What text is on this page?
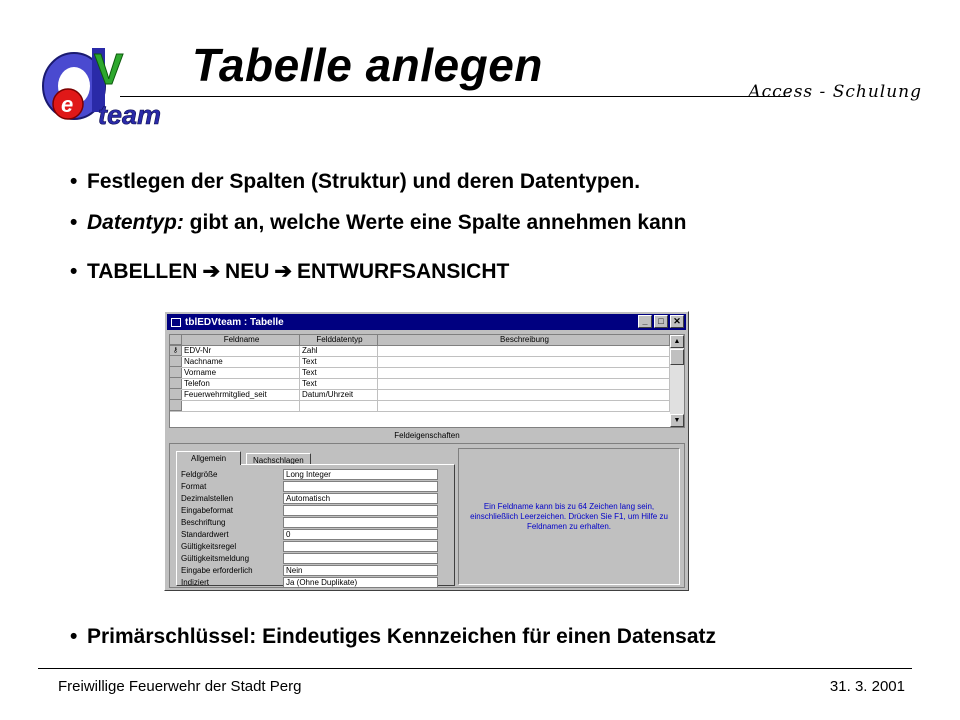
e
V
team
Tabelle anlegen
Access - Schulung
• Festlegen der Spalten (Struktur) und deren Datentypen.
• Datentyp: gibt an, welche Werte eine Spalte annehmen kann
• TABELLEN ➔ NEU ➔ ENTWURFSANSICHT
tblEDVteam : Tabelle	_	□	✕
Feldname	Felddatentyp	Beschreibung
⚷ EDV-Nr	Zahl
Nachname	Text
Vorname	Text
Telefon	Text
Feuerwehrmitglied_seit	Datum/Uhrzeit
▲
▼
Feldeigenschaften
Allgemein	Nachschlagen
Feldgröße	Long Integer
Format
Dezimalstellen	Automatisch
Eingabeformat
Beschriftung
Standardwert	0
Gültigkeitsregel
Gültigkeitsmeldung
Eingabe erforderlich	Nein
Indiziert	Ja (Ohne Duplikate)
Ein Feldname kann bis zu 64 Zeichen lang sein, einschließlich Leerzeichen. Drücken Sie F1, um Hilfe zu Feldnamen zu erhalten.
• Primärschlüssel: Eindeutiges Kennzeichen für einen Datensatz
Freiwillige Feuerwehr der Stadt Perg	31. 3. 2001
